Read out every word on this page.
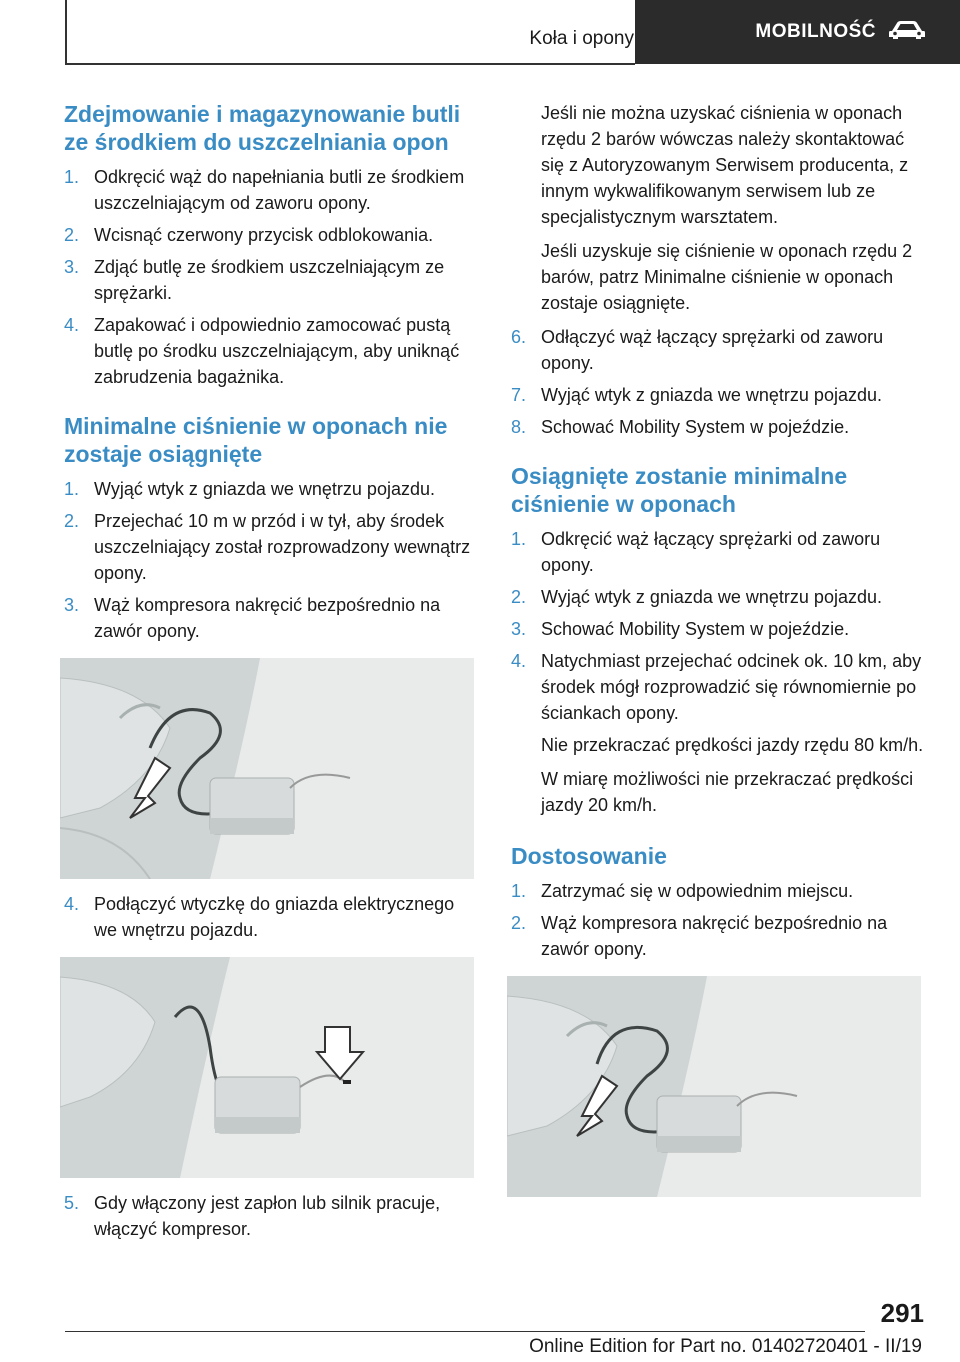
Koła i opony	MOBILNOŚĆ
Zdejmowanie i magazynowanie butli ze środkiem do uszczelniania opon
1. Odkręcić wąż do napełniania butli ze środkiem uszczelniającym od zaworu opony.
2. Wcisnąć czerwony przycisk odblokowania.
3. Zdjąć butlę ze środkiem uszczelniającym ze sprężarki.
4. Zapakować i odpowiednio zamocować pustą butlę po środku uszczelniającym, aby uniknąć zabrudzenia bagażnika.
Minimalne ciśnienie w oponach nie zostaje osiągnięte
1. Wyjąć wtyk z gniazda we wnętrzu pojazdu.
2. Przejechać 10 m w przód i w tył, aby środek uszczelniający został rozprowadzony wewnątrz opony.
3. Wąż kompresora nakręcić bezpośrednio na zawór opony.
4. Podłączyć wtyczkę do gniazda elektrycznego we wnętrzu pojazdu.
5. Gdy włączony jest zapłon lub silnik pracuje, włączyć kompresor.

Jeśli nie można uzyskać ciśnienia w oponach rzędu 2 barów wówczas należy skontaktować się z Autoryzowanym Serwisem producenta, z innym wykwalifikowanym serwisem lub ze specjalistycznym warsztatem.

Jeśli uzyskuje się ciśnienie w oponach rzędu 2 barów, patrz Minimalne ciśnienie w oponach zostaje osiągnięte.

6. Odłączyć wąż łączący sprężarki od zaworu opony.
7. Wyjąć wtyk z gniazda we wnętrzu pojazdu.
8. Schować Mobility System w pojeździe.
Osiągnięte zostanie minimalne ciśnienie w oponach
1. Odkręcić wąż łączący sprężarki od zaworu opony.
2. Wyjąć wtyk z gniazda we wnętrzu pojazdu.
3. Schować Mobility System w pojeździe.
4. Natychmiast przejechać odcinek ok. 10 km, aby środek mógł rozprowadzić się równomiernie po ściankach opony.

Nie przekraczać prędkości jazdy rzędu 80 km/h.

W miarę możliwości nie przekraczać prędkości jazdy 20 km/h.

Dostosowanie
1. Zatrzymać się w odpowiednim miejscu.
2. Wąż kompresora nakręcić bezpośrednio na zawór opony.
291
Online Edition for Part no. 01402720401 - II/19
